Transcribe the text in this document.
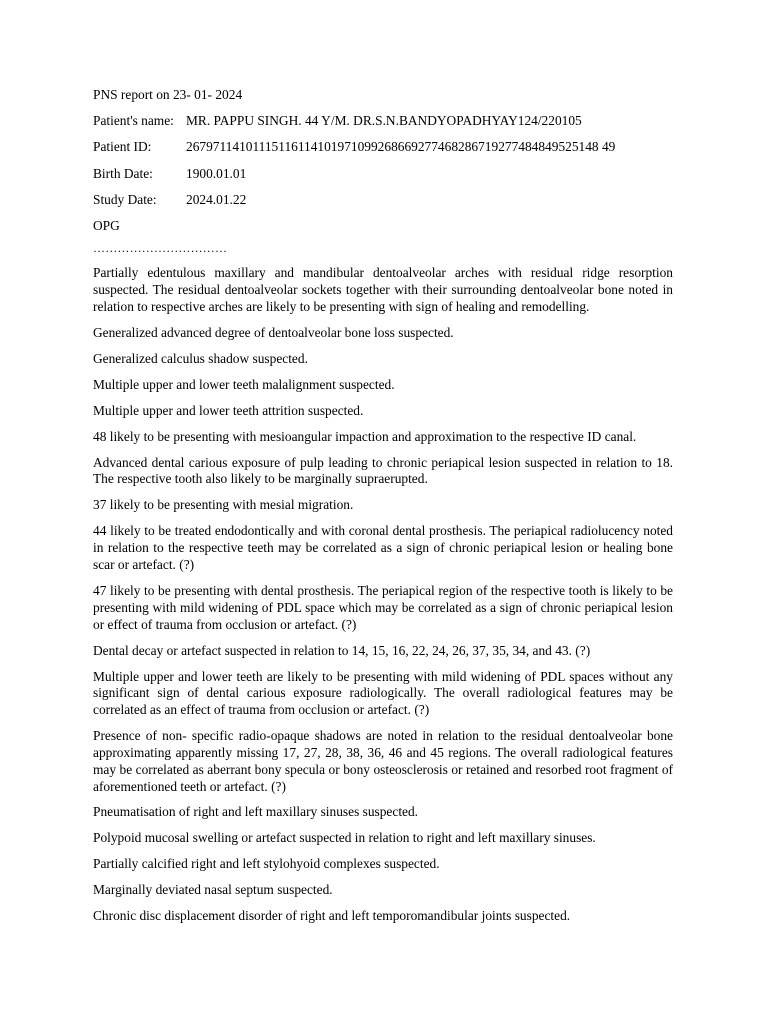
PNS report on 23- 01- 2024
Patient's name: MR. PAPPU SINGH. 44 Y/M. DR.S.N.BANDYOPADHYAY124/220105
Patient ID:	26797114101115116114101971099268669277468286719277484849525148 49
Birth Date:	1900.01.01
Study Date:	2024.01.22
OPG
……………………………

Partially edentulous maxillary and mandibular dentoalveolar arches with residual ridge resorption suspected. The residual dentoalveolar sockets together with their surrounding dentoalveolar bone noted in relation to respective arches are likely to be presenting with sign of healing and remodelling.

Generalized advanced degree of dentoalveolar bone loss suspected.

Generalized calculus shadow suspected.

Multiple upper and lower teeth malalignment suspected.

Multiple upper and lower teeth attrition suspected.

48 likely to be presenting with mesioangular impaction and approximation to the respective ID canal.

Advanced dental carious exposure of pulp leading to chronic periapical lesion suspected in relation to 18. The respective tooth also likely to be marginally supraerupted.

37 likely to be presenting with mesial migration.

44 likely to be treated endodontically and with coronal dental prosthesis. The periapical radiolucency noted in relation to the respective teeth may be correlated as a sign of chronic periapical lesion or healing bone scar or artefact. (?)

47 likely to be presenting with dental prosthesis. The periapical region of the respective tooth is likely to be presenting with mild widening of PDL space which may be correlated as a sign of chronic periapical lesion or effect of trauma from occlusion or artefact. (?)

Dental decay or artefact suspected in relation to 14, 15, 16, 22, 24, 26, 37, 35, 34, and 43. (?)

Multiple upper and lower teeth are likely to be presenting with mild widening of PDL spaces without any significant sign of dental carious exposure radiologically. The overall radiological features may be correlated as an effect of trauma from occlusion or artefact. (?)

Presence of non- specific radio-opaque shadows are noted in relation to the residual dentoalveolar bone approximating apparently missing 17, 27, 28, 38, 36, 46 and 45 regions. The overall radiological features may be correlated as aberrant bony specula or bony osteosclerosis or retained and resorbed root fragment of aforementioned teeth or artefact. (?)

Pneumatisation of right and left maxillary sinuses suspected.

Polypoid mucosal swelling or artefact suspected in relation to right and left maxillary sinuses.

Partially calcified right and left stylohyoid complexes suspected.

Marginally deviated nasal septum suspected.

Chronic disc displacement disorder of right and left temporomandibular joints suspected.
